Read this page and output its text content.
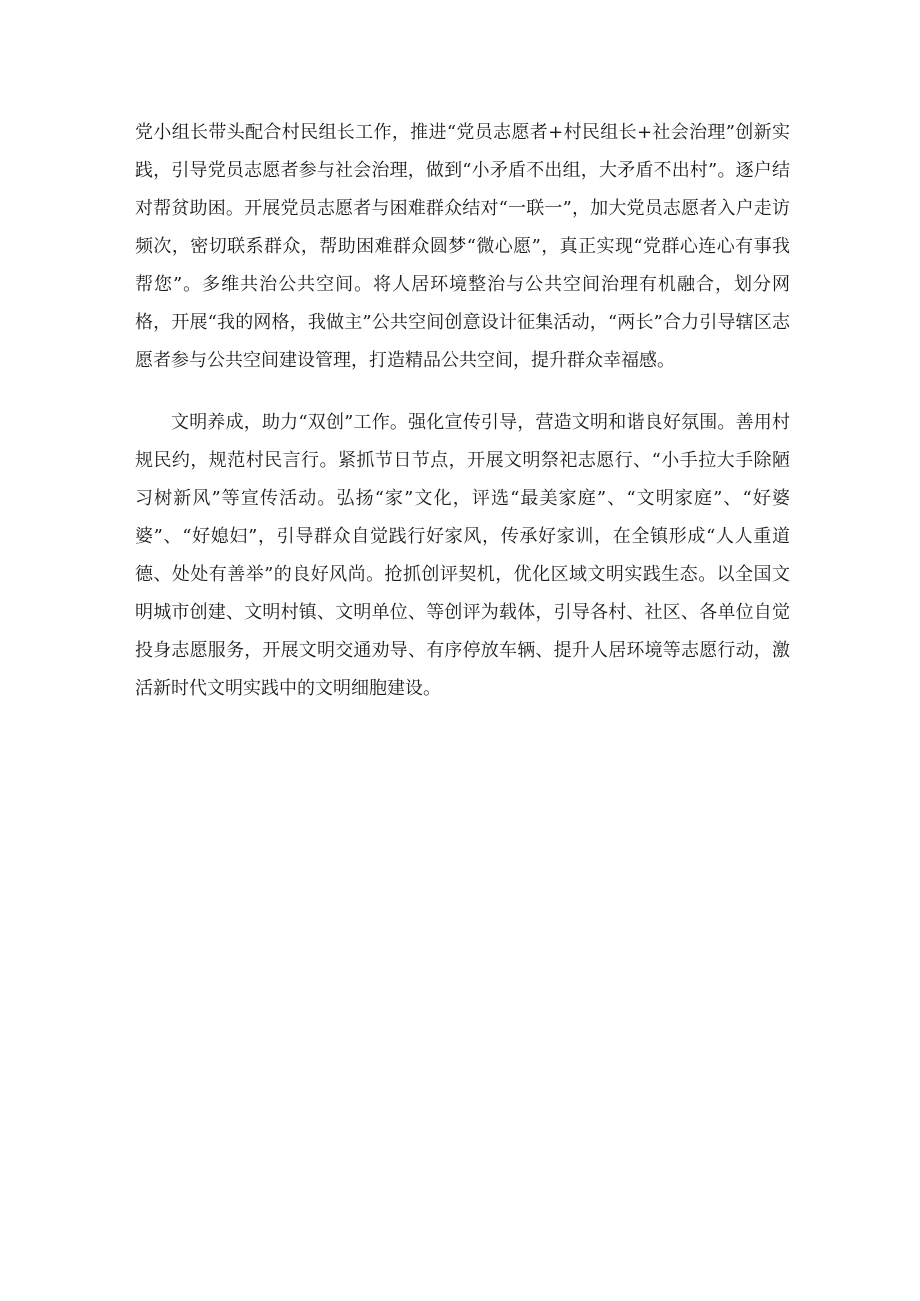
党小组长带头配合村民组长工作，推进“党员志愿者+村民组长+社会治理”创新实践，引导党员志愿者参与社会治理，做到“小矛盾不出组，大矛盾不出村”。逐户结对帮贫助困。开展党员志愿者与困难群众结对“一联一”，加大党员志愿者入户走访频次，密切联系群众，帮助困难群众圆梦“微心愿”，真正实现“党群心连心有事我帮您”。多维共治公共空间。将人居环境整治与公共空间治理有机融合，划分网格，开展“我的网格，我做主”公共空间创意设计征集活动，“两长”合力引导辖区志愿者参与公共空间建设管理，打造精品公共空间，提升群众幸福感。

文明养成，助力“双创”工作。强化宣传引导，营造文明和谐良好氛围。善用村规民约，规范村民言行。紧抓节日节点，开展文明祭祀志愿行、“小手拉大手除陋习树新风”等宣传活动。弘扬“家”文化，评选“最美家庭”、“文明家庭”、“好婆婆”、“好媳妇”，引导群众自觉践行好家风，传承好家训，在全镇形成“人人重道德、处处有善举”的良好风尚。抢抓创评契机，优化区域文明实践生态。以全国文明城市创建、文明村镇、文明单位、等创评为载体，引导各村、社区、各单位自觉投身志愿服务，开展文明交通劝导、有序停放车辆、提升人居环境等志愿行动，激活新时代文明实践中的文明细胞建设。
